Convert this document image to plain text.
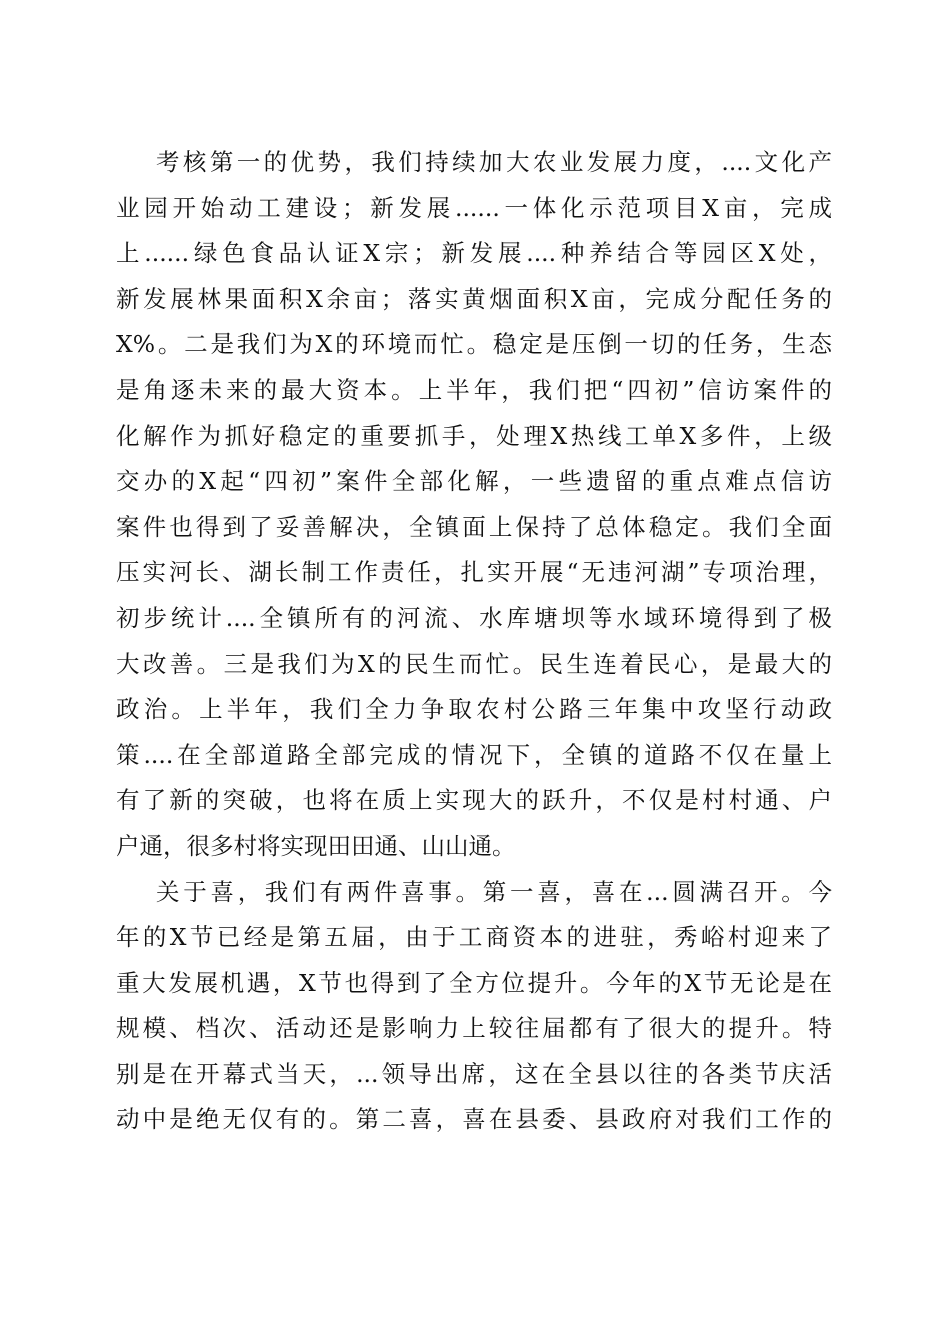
考核第一的优势，我们持续加大农业发展力度，....文化产
业园开始动工建设；新发展......一体化示范项目X亩，完成
上......绿色食品认证X宗；新发展....种养结合等园区X处，
新发展林果面积X余亩；落实黄烟面积X亩，完成分配任务的
X%。二是我们为X的环境而忙。稳定是压倒一切的任务，生态
是角逐未来的最大资本。上半年，我们把“四初”信访案件的
化解作为抓好稳定的重要抓手，处理X热线工单X多件，上级
交办的X起“四初”案件全部化解，一些遗留的重点难点信访
案件也得到了妥善解决，全镇面上保持了总体稳定。我们全面
压实河长、湖长制工作责任，扎实开展“无违河湖”专项治理，
初步统计....全镇所有的河流、水库塘坝等水域环境得到了极
大改善。三是我们为X的民生而忙。民生连着民心，是最大的
政治。上半年，我们全力争取农村公路三年集中攻坚行动政
策....在全部道路全部完成的情况下，全镇的道路不仅在量上
有了新的突破，也将在质上实现大的跃升，不仅是村村通、户
户通，很多村将实现田田通、山山通。
关于喜，我们有两件喜事。第一喜，喜在...圆满召开。今
年的X节已经是第五届，由于工商资本的进驻，秀峪村迎来了
重大发展机遇，X节也得到了全方位提升。今年的X节无论是在
规模、档次、活动还是影响力上较往届都有了很大的提升。特
别是在开幕式当天，...领导出席，这在全县以往的各类节庆活
动中是绝无仅有的。第二喜，喜在县委、县政府对我们工作的
